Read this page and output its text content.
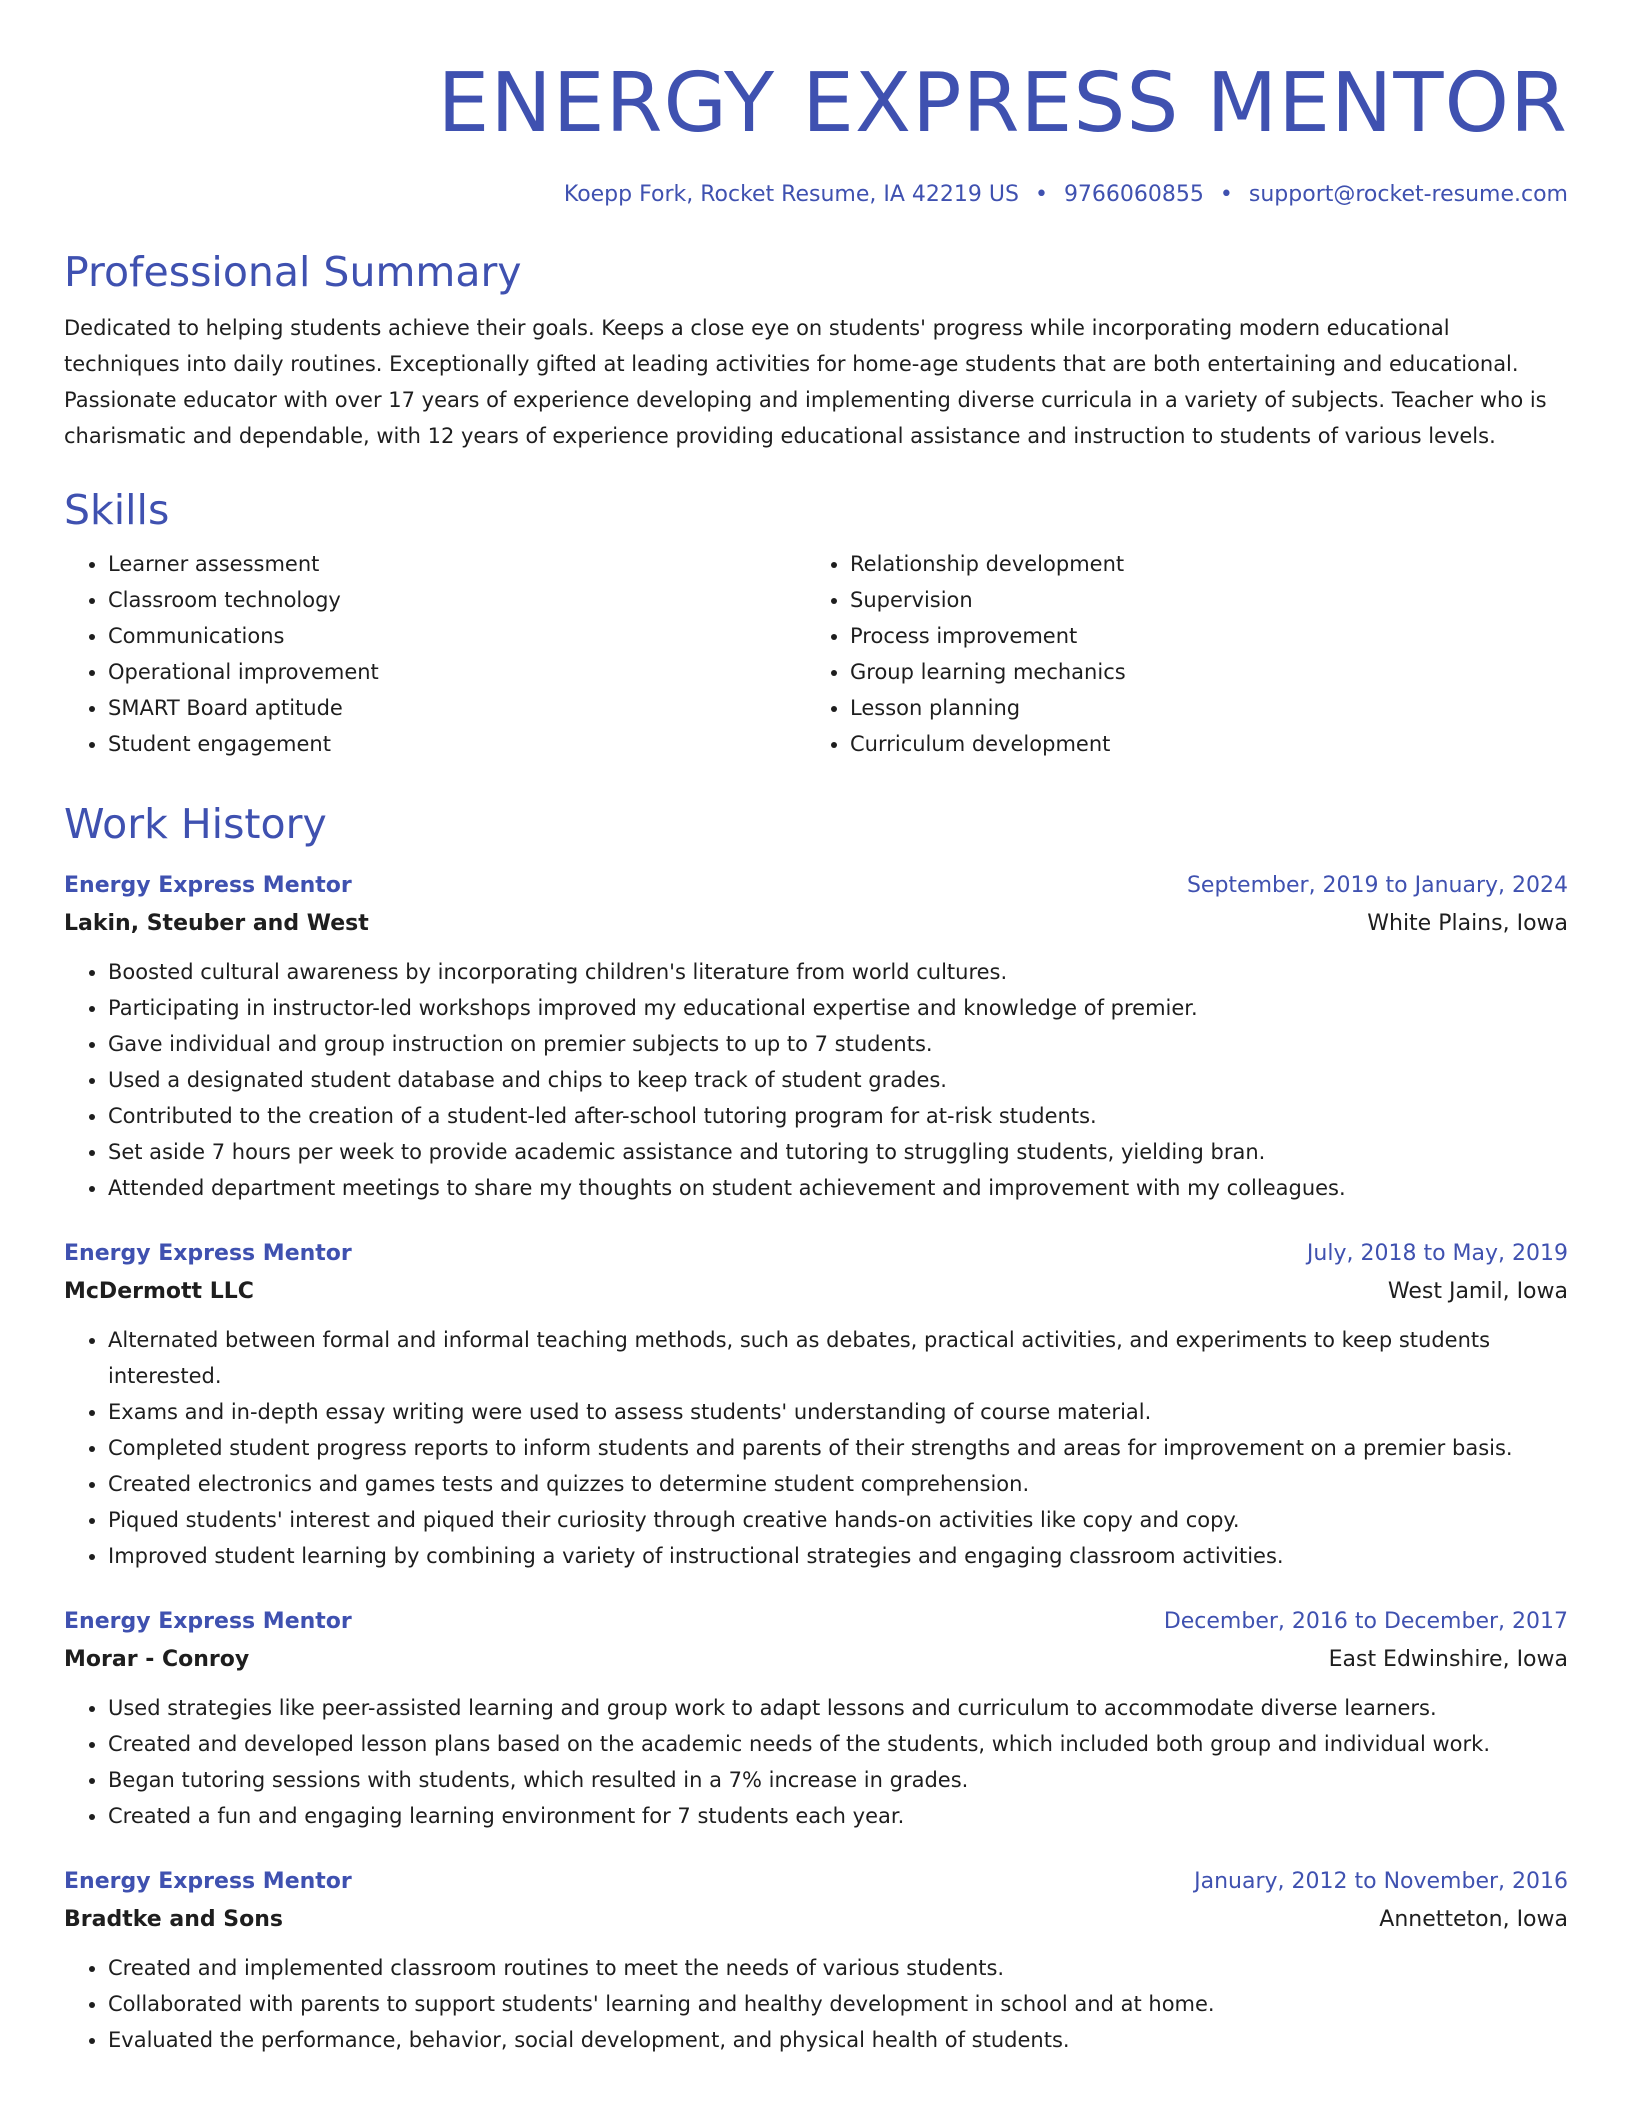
ENERGY EXPRESS MENTOR
Koepp Fork, Rocket Resume, IA 42219 US • 9766060855 • support@rocket-resume.com
Professional Summary

Dedicated to helping students achieve their goals. Keeps a close eye on students' progress while incorporating modern educational techniques into daily routines. Exceptionally gifted at leading activities for home-age students that are both entertaining and educational. Passionate educator with over 17 years of experience developing and implementing diverse curricula in a variety of subjects. Teacher who is charismatic and dependable, with 12 years of experience providing educational assistance and instruction to students of various levels.

Skills
• Learner assessment
• Classroom technology
• Communications
• Operational improvement
• SMART Board aptitude
• Student engagement
• Relationship development
• Supervision
• Process improvement
• Group learning mechanics
• Lesson planning
• Curriculum development
Work History
Energy Express Mentor	September, 2019 to January, 2024
Lakin, Steuber and West	White Plains, Iowa
• Boosted cultural awareness by incorporating children's literature from world cultures.
• Participating in instructor-led workshops improved my educational expertise and knowledge of premier.
• Gave individual and group instruction on premier subjects to up to 7 students.
• Used a designated student database and chips to keep track of student grades.
• Contributed to the creation of a student-led after-school tutoring program for at-risk students.
• Set aside 7 hours per week to provide academic assistance and tutoring to struggling students, yielding bran.
• Attended department meetings to share my thoughts on student achievement and improvement with my colleagues.
Energy Express Mentor	July, 2018 to May, 2019
McDermott LLC	West Jamil, Iowa
• Alternated between formal and informal teaching methods, such as debates, practical activities, and experiments to keep students interested.
• Exams and in-depth essay writing were used to assess students' understanding of course material.
• Completed student progress reports to inform students and parents of their strengths and areas for improvement on a premier basis.
• Created electronics and games tests and quizzes to determine student comprehension.
• Piqued students' interest and piqued their curiosity through creative hands-on activities like copy and copy.
• Improved student learning by combining a variety of instructional strategies and engaging classroom activities.
Energy Express Mentor	December, 2016 to December, 2017
Morar - Conroy	East Edwinshire, Iowa
• Used strategies like peer-assisted learning and group work to adapt lessons and curriculum to accommodate diverse learners.
• Created and developed lesson plans based on the academic needs of the students, which included both group and individual work.
• Began tutoring sessions with students, which resulted in a 7% increase in grades.
• Created a fun and engaging learning environment for 7 students each year.
Energy Express Mentor	January, 2012 to November, 2016
Bradtke and Sons	Annetteton, Iowa
• Created and implemented classroom routines to meet the needs of various students.
• Collaborated with parents to support students' learning and healthy development in school and at home.
• Evaluated the performance, behavior, social development, and physical health of students.
